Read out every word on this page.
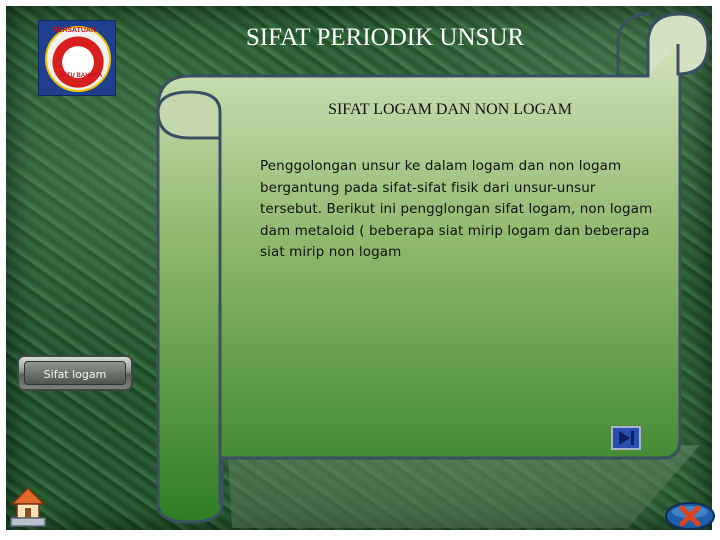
PERSATUAN
SATU BAHASA
SIFAT PERIODIK UNSUR
SIFAT LOGAM DAN NON LOGAM
Penggolongan unsur ke dalam logam dan non logam bergantung pada sifat-sifat fisik dari unsur-unsur tersebut. Berikut ini pengglongan sifat logam, non logam dam metaloid ( beberapa siat mirip logam dan beberapa siat mirip non logam
Sifat logam
